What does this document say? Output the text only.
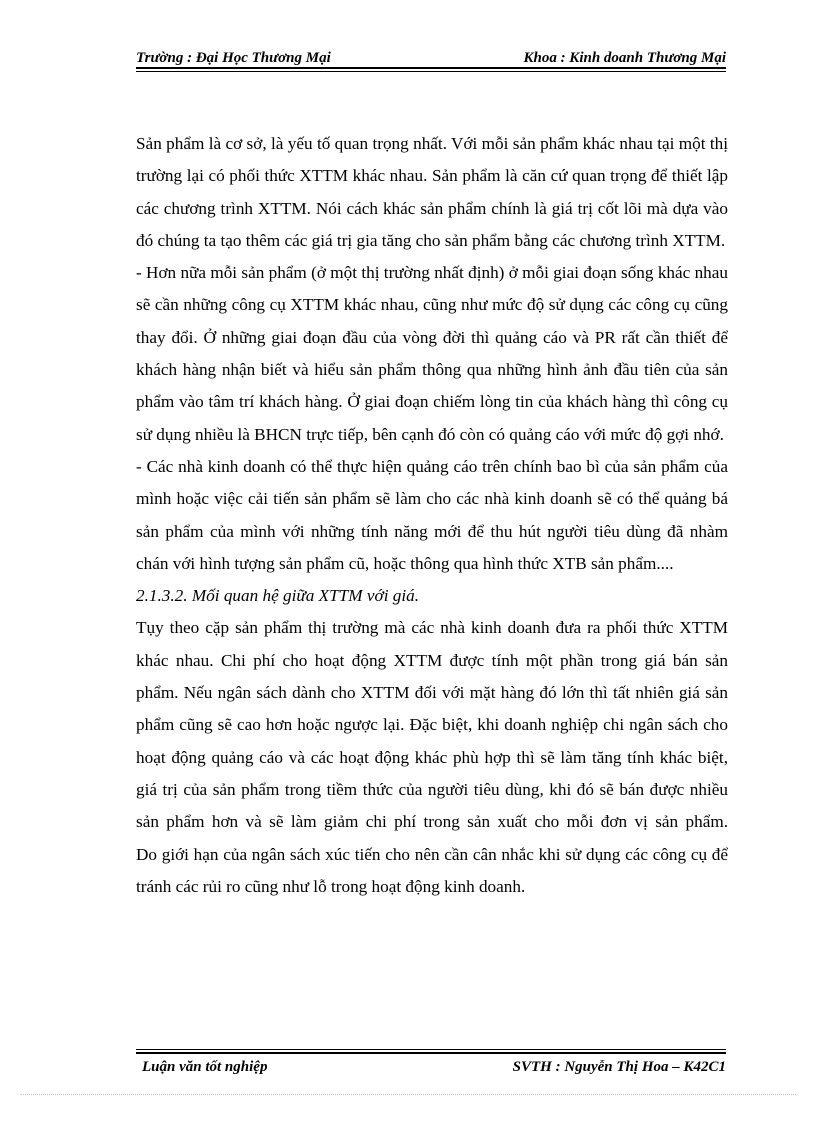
Trường : Đại Học Thương Mại	Khoa : Kinh doanh Thương Mại

Sản phẩm là cơ sở, là yếu tố quan trọng nhất. Với mỗi sản phẩm khác nhau tại một thị trường lại có phối thức XTTM khác nhau. Sản phẩm là căn cứ quan trọng để thiết lập các chương trình XTTM. Nói cách khác sản phẩm chính là giá trị cốt lõi mà dựa vào đó chúng ta tạo thêm các giá trị gia tăng cho sản phẩm bằng các chương trình XTTM.

- Hơn nữa mỗi sản phẩm (ở một thị trường nhất định) ở mỗi giai đoạn sống khác nhau sẽ cần những công cụ XTTM khác nhau, cũng như mức độ sử dụng các công cụ cũng thay đổi. Ở những giai đoạn đầu của vòng đời thì quảng cáo và PR rất cần thiết để khách hàng nhận biết và hiểu sản phẩm thông qua những hình ảnh đầu tiên của sản phẩm vào tâm trí khách hàng. Ở giai đoạn chiếm lòng tin của khách hàng thì công cụ sử dụng nhiều là BHCN trực tiếp, bên cạnh đó còn có quảng cáo với mức độ gợi nhớ.

- Các nhà kinh doanh có thể thực hiện quảng cáo trên chính bao bì của sản phẩm của mình hoặc việc cải tiến sản phẩm sẽ làm cho các nhà kinh doanh sẽ có thể quảng bá sản phẩm của mình với những tính năng mới để thu hút người tiêu dùng đã nhàm chán với hình tượng sản phẩm cũ, hoặc thông qua hình thức XTB sản phẩm....

2.1.3.2. Mối quan hệ giữa XTTM với giá.

Tụy theo cặp sản phẩm thị trường mà các nhà kinh doanh đưa ra phối thức XTTM khác nhau. Chi phí cho hoạt động XTTM được tính một phần trong giá bán sản phẩm. Nếu ngân sách dành cho XTTM đối với mặt hàng đó lớn thì tất nhiên giá sản phẩm cũng sẽ cao hơn hoặc ngược lại. Đặc biệt, khi doanh nghiệp chi ngân sách cho hoạt động quảng cáo và các hoạt động khác phù hợp thì sẽ làm tăng tính khác biệt, giá trị của sản phẩm trong tiềm thức của người tiêu dùng, khi đó sẽ bán được nhiều sản phẩm hơn và sẽ làm giảm chi phí trong sản xuất cho mỗi đơn vị sản phẩm.

Do giới hạn của ngân sách xúc tiến cho nên cần cân nhắc khi sử dụng các công cụ để tránh các rủi ro cũng như lỗ trong hoạt động kinh doanh.

Luận văn tốt nghiệp	SVTH : Nguyễn Thị Hoa – K42C1
